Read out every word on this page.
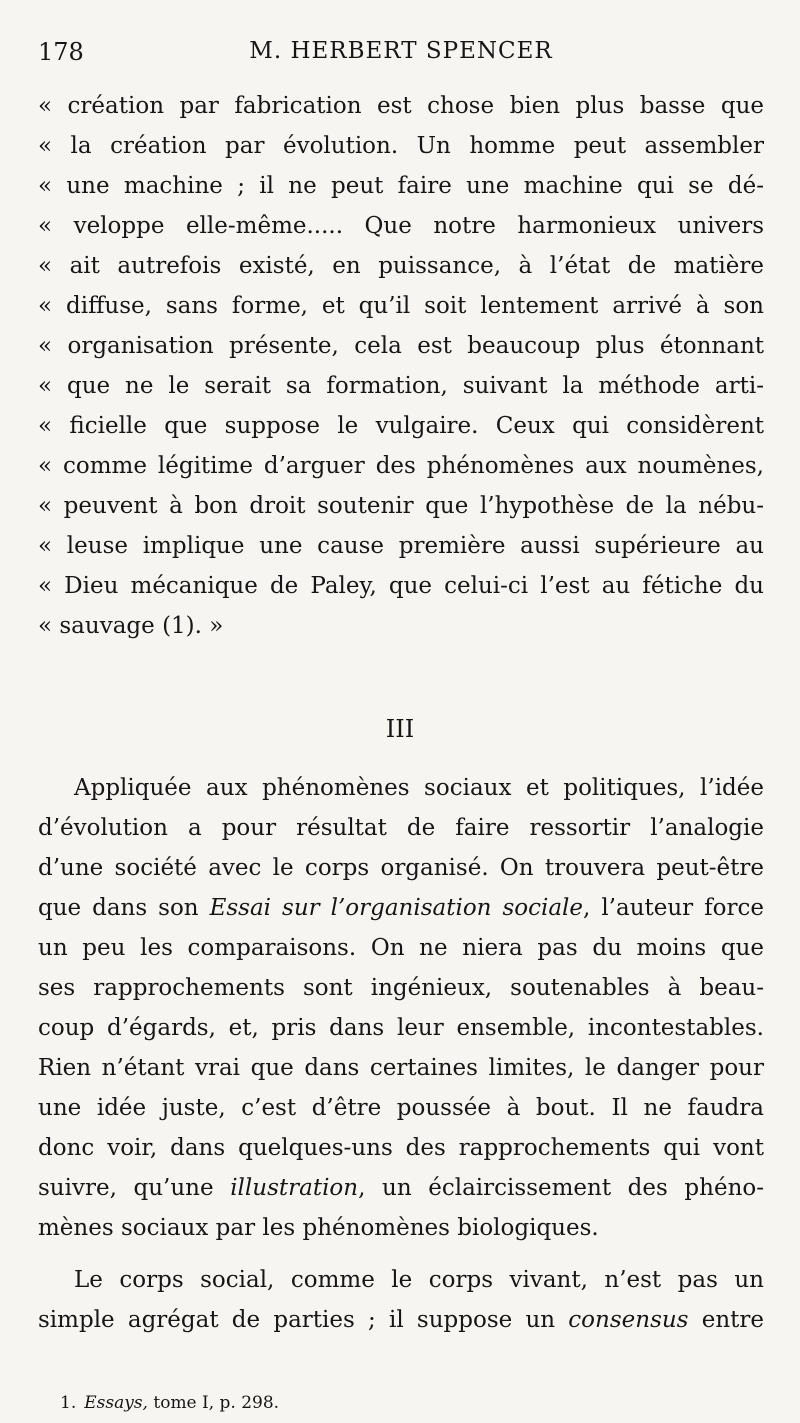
178	M. HERBERT SPENCER
« création par fabrication est chose bien plus basse que
« la création par évolution. Un homme peut assembler
« une machine ; il ne peut faire une machine qui se dé-
« veloppe elle-même..... Que notre harmonieux univers
« ait autrefois existé, en puissance, à l’état de matière
« diffuse, sans forme, et qu’il soit lentement arrivé à son
« organisation présente, cela est beaucoup plus étonnant
« que ne le serait sa formation, suivant la méthode arti-
« ficielle que suppose le vulgaire. Ceux qui considèrent
« comme légitime d’arguer des phénomènes aux noumènes,
« peuvent à bon droit soutenir que l’hypothèse de la nébu-
« leuse implique une cause première aussi supérieure au
« Dieu mécanique de Paley, que celui-ci l’est au fétiche du
« sauvage (1). »
III
Appliquée aux phénomènes sociaux et politiques, l’idée
d’évolution a pour résultat de faire ressortir l’analogie
d’une société avec le corps organisé. On trouvera peut-être
que dans son Essai sur l’organisation sociale, l’auteur force
un peu les comparaisons. On ne niera pas du moins que
ses rapprochements sont ingénieux, soutenables à beau-
coup d’égards, et, pris dans leur ensemble, incontestables.
Rien n’étant vrai que dans certaines limites, le danger pour
une idée juste, c’est d’être poussée à bout. Il ne faudra
donc voir, dans quelques-uns des rapprochements qui vont
suivre, qu’une illustration, un éclaircissement des phéno-
mènes sociaux par les phénomènes biologiques.
Le corps social, comme le corps vivant, n’est pas un
simple agrégat de parties ; il suppose un consensus entre
1. Essays, tome I, p. 298.
